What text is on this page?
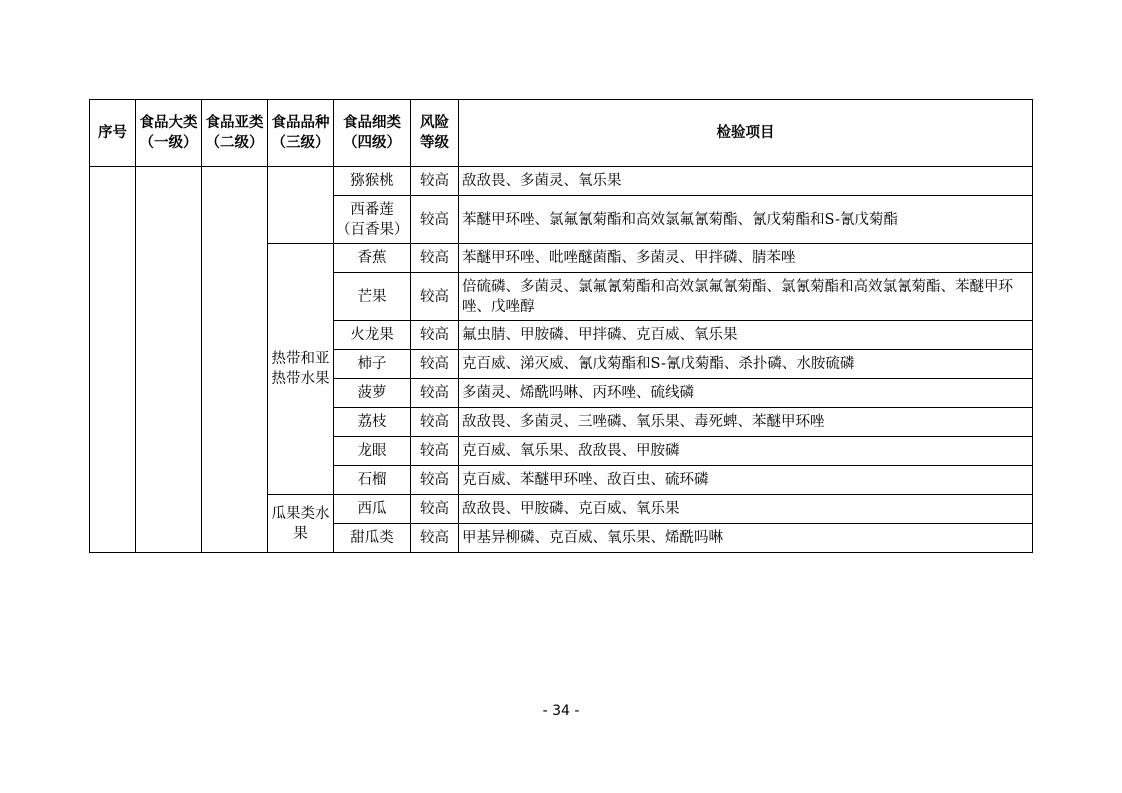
序号	食品大类（一级）	食品亚类（二级）	食品品种（三级）	食品细类（四级）	风险等级	检验项目
				猕猴桃	较高	敌敌畏、多菌灵、氧乐果
				西番莲（百香果）	较高	苯醚甲环唑、氯氟氰菊酯和高效氯氟氰菊酯、氰戊菊酯和S-氰戊菊酯
			热带和亚热带水果	香蕉	较高	苯醚甲环唑、吡唑醚菌酯、多菌灵、甲拌磷、腈苯唑
				芒果	较高	倍硫磷、多菌灵、氯氟氰菊酯和高效氯氟氰菊酯、氯氰菊酯和高效氯氰菊酯、苯醚甲环唑、戊唑醇
				火龙果	较高	氟虫腈、甲胺磷、甲拌磷、克百威、氧乐果
				柿子	较高	克百威、涕灭威、氰戊菊酯和S-氰戊菊酯、杀扑磷、水胺硫磷
				菠萝	较高	多菌灵、烯酰吗啉、丙环唑、硫线磷
				荔枝	较高	敌敌畏、多菌灵、三唑磷、氧乐果、毒死蜱、苯醚甲环唑
				龙眼	较高	克百威、氧乐果、敌敌畏、甲胺磷
				石榴	较高	克百威、苯醚甲环唑、敌百虫、硫环磷
			瓜果类水果	西瓜	较高	敌敌畏、甲胺磷、克百威、氧乐果
				甜瓜类	较高	甲基异柳磷、克百威、氧乐果、烯酰吗啉
- 34 -
